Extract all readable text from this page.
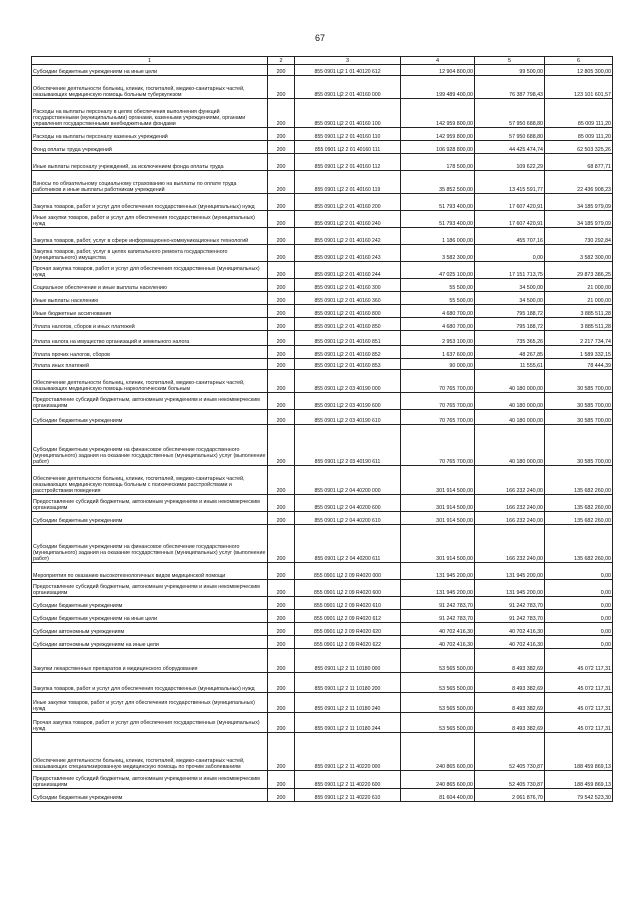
67
1	2	3	4	5	6
Субсидии бюджетным учреждениям на иные цели	200	855 0901 Ц2 1 01 40120 612	12 904 800,00	99 500,00	12 805 300,00
Обеспечение деятельности больниц, клиник, госпиталей, медико-санитарных частей, оказывающих медицинскую помощь больным туберкулезом	200	855 0901 Ц2 2 01 40160 000	199 489 400,00	76 387 798,43	123 101 601,57
Расходы на выплаты персоналу в целях обеспечения выполнения функций государственными (муниципальными) органами, казенными учреждениями, органами управления государственными внебюджетными фондами	200	855 0901 Ц2 2 01 40160 100	142 959 800,00	57 950 688,80	85 009 111,20
Расходы на выплаты персоналу казенных учреждений	200	855 0901 Ц2 2 01 40160 110	142 959 800,00	57 950 688,80	85 009 111,20
Фонд оплаты труда учреждений	200	855 0901 Ц2 2 01 40160 111	106 928 800,00	44 425 474,74	62 503 325,26
Иные выплаты персоналу учреждений, за исключением фонда оплаты труда	200	855 0901 Ц2 2 01 40160 112	178 500,00	109 622,29	68 877,71
Взносы по обязательному социальному страхованию на выплаты по оплате труда работников и иные выплаты работникам учреждений	200	855 0901 Ц2 2 01 40160 119	35 852 500,00	13 415 591,77	22 436 908,23
Закупка товаров, работ и услуг для обеспечения государственных (муниципальных) нужд	200	855 0901 Ц2 2 01 40160 200	51 793 400,00	17 607 420,91	34 185 979,09
Иные закупки товаров, работ и услуг для обеспечения государственных (муниципальных) нужд	200	855 0901 Ц2 2 01 40160 240	51 793 400,00	17 607 420,91	34 185 979,09
Закупка товаров, работ, услуг в сфере информационно-коммуникационных технологий	200	855 0901 Ц2 2 01 40160 242	1 186 000,00	455 707,16	730 292,84
Закупка товаров, работ, услуг в целях капитального ремонта государственного (муниципального) имущества	200	855 0901 Ц2 2 01 40160 243	3 582 300,00	0,00	3 582 300,00
Прочая закупка товаров, работ и услуг для обеспечения государственных (муниципальных) нужд	200	855 0901 Ц2 2 01 40160 244	47 025 100,00	17 151 713,75	29 873 386,25
Социальное обеспечение и иные выплаты населению	200	855 0901 Ц2 2 01 40160 300	55 500,00	34 500,00	21 000,00
Иные выплаты населению	200	855 0901 Ц2 2 01 40160 360	55 500,00	34 500,00	21 000,00
Иные бюджетные ассигнования	200	855 0901 Ц2 2 01 40160 800	4 680 700,00	795 188,72	3 885 511,28
Уплата налогов, сборов и иных платежей	200	855 0901 Ц2 2 01 40160 850	4 680 700,00	795 188,72	3 885 511,28
Уплата налога на имущество организаций и земельного налога	200	855 0901 Ц2 2 01 40160 851	2 953 100,00	735 365,26	2 217 734,74
Уплата прочих налогов, сборов	200	855 0901 Ц2 2 01 40160 852	1 637 600,00	48 267,85	1 589 332,15
Уплата иных платежей	200	855 0901 Ц2 2 01 40160 853	90 000,00	11 555,61	78 444,39
Обеспечение деятельности больниц, клиник, госпиталей, медико-санитарных частей, оказывающих медицинскую помощь наркологическим больным	200	855 0901 Ц2 2 03 40190 000	70 765 700,00	40 180 000,00	30 585 700,00
Предоставление субсидий бюджетным, автономным учреждениям и иным некоммерческим организациям	200	855 0901 Ц2 2 03 40190 600	70 765 700,00	40 180 000,00	30 585 700,00
Субсидии бюджетным учреждениям	200	855 0901 Ц2 2 03 40190 610	70 765 700,00	40 180 000,00	30 585 700,00
Субсидии бюджетным учреждениям на финансовое обеспечение государственного (муниципального) задания на оказание государственных (муниципальных) услуг (выполнение работ)	200	855 0901 Ц2 2 03 40190 611	70 765 700,00	40 180 000,00	30 585 700,00
Обеспечение деятельности больниц, клиник, госпиталей, медико-санитарных частей, оказывающих медицинскую помощь больным с психическими расстройствами и расстройствами поведения	200	855 0901 Ц2 2 04 40200 000	301 914 500,00	166 232 240,00	135 682 260,00
Предоставление субсидий бюджетным, автономным учреждениям и иным некоммерческим организациям	200	855 0901 Ц2 2 04 40200 600	301 914 500,00	166 232 240,00	135 682 260,00
Субсидии бюджетным учреждениям	200	855 0901 Ц2 2 04 40200 610	301 914 500,00	166 232 240,00	135 682 260,00
Субсидии бюджетным учреждениям на финансовое обеспечение государственного (муниципального) задания на оказание государственных (муниципальных) услуг (выполнение работ)	200	855 0901 Ц2 2 04 40200 611	301 914 500,00	166 232 240,00	135 682 260,00
Мероприятия по оказанию высокотехнологичных видов медицинской помощи	200	855 0901 Ц2 2 09 R4020 000	131 945 200,00	131 945 200,00	0,00
Предоставление субсидий бюджетным, автономным учреждениям и иным некоммерческим организациям	200	855 0901 Ц2 2 09 R4020 600	131 945 200,00	131 945 200,00	0,00
Субсидии бюджетным учреждениям	200	855 0901 Ц2 2 09 R4020 610	91 242 783,70	91 242 783,70	0,00
Субсидии бюджетным учреждениям на иные цели	200	855 0901 Ц2 2 09 R4020 612	91 242 783,70	91 242 783,70	0,00
Субсидии автономным учреждениям	200	855 0901 Ц2 2 09 R4020 620	40 702 416,30	40 702 416,30	0,00
Субсидии автономным учреждениям на иные цели	200	855 0901 Ц2 2 09 R4020 622	40 702 416,30	40 702 416,30	0,00
Закупки лекарственных препаратов и медицинского оборудования	200	855 0901 Ц2 2 11 10180 000	53 565 500,00	8 493 382,69	45 072 117,31
Закупка товаров, работ и услуг для обеспечения государственных (муниципальных) нужд	200	855 0901 Ц2 2 11 10180 200	53 565 500,00	8 493 382,69	45 072 117,31
Иные закупки товаров, работ и услуг для обеспечения государственных (муниципальных) нужд	200	855 0901 Ц2 2 11 10180 240	53 565 500,00	8 493 382,69	45 072 117,31
Прочая закупка товаров, работ и услуг для обеспечения государственных (муниципальных) нужд	200	855 0901 Ц2 2 11 10180 244	53 565 500,00	8 493 382,69	45 072 117,31
Обеспечение деятельности больниц, клиник, госпиталей, медико-санитарных частей, оказывающих специализированную медицинскую помощь по прочим заболеваниям	200	855 0901 Ц2 2 11 40220 000	240 865 600,00	52 405 730,87	188 459 869,13
Предоставление субсидий бюджетным, автономным учреждениям и иным некоммерческим организациям	200	855 0901 Ц2 2 11 40220 600	240 865 600,00	52 405 730,87	188 459 869,13
Субсидии бюджетным учреждениям	200	855 0901 Ц2 2 11 40220 610	81 604 400,00	2 061 876,70	79 542 523,30
